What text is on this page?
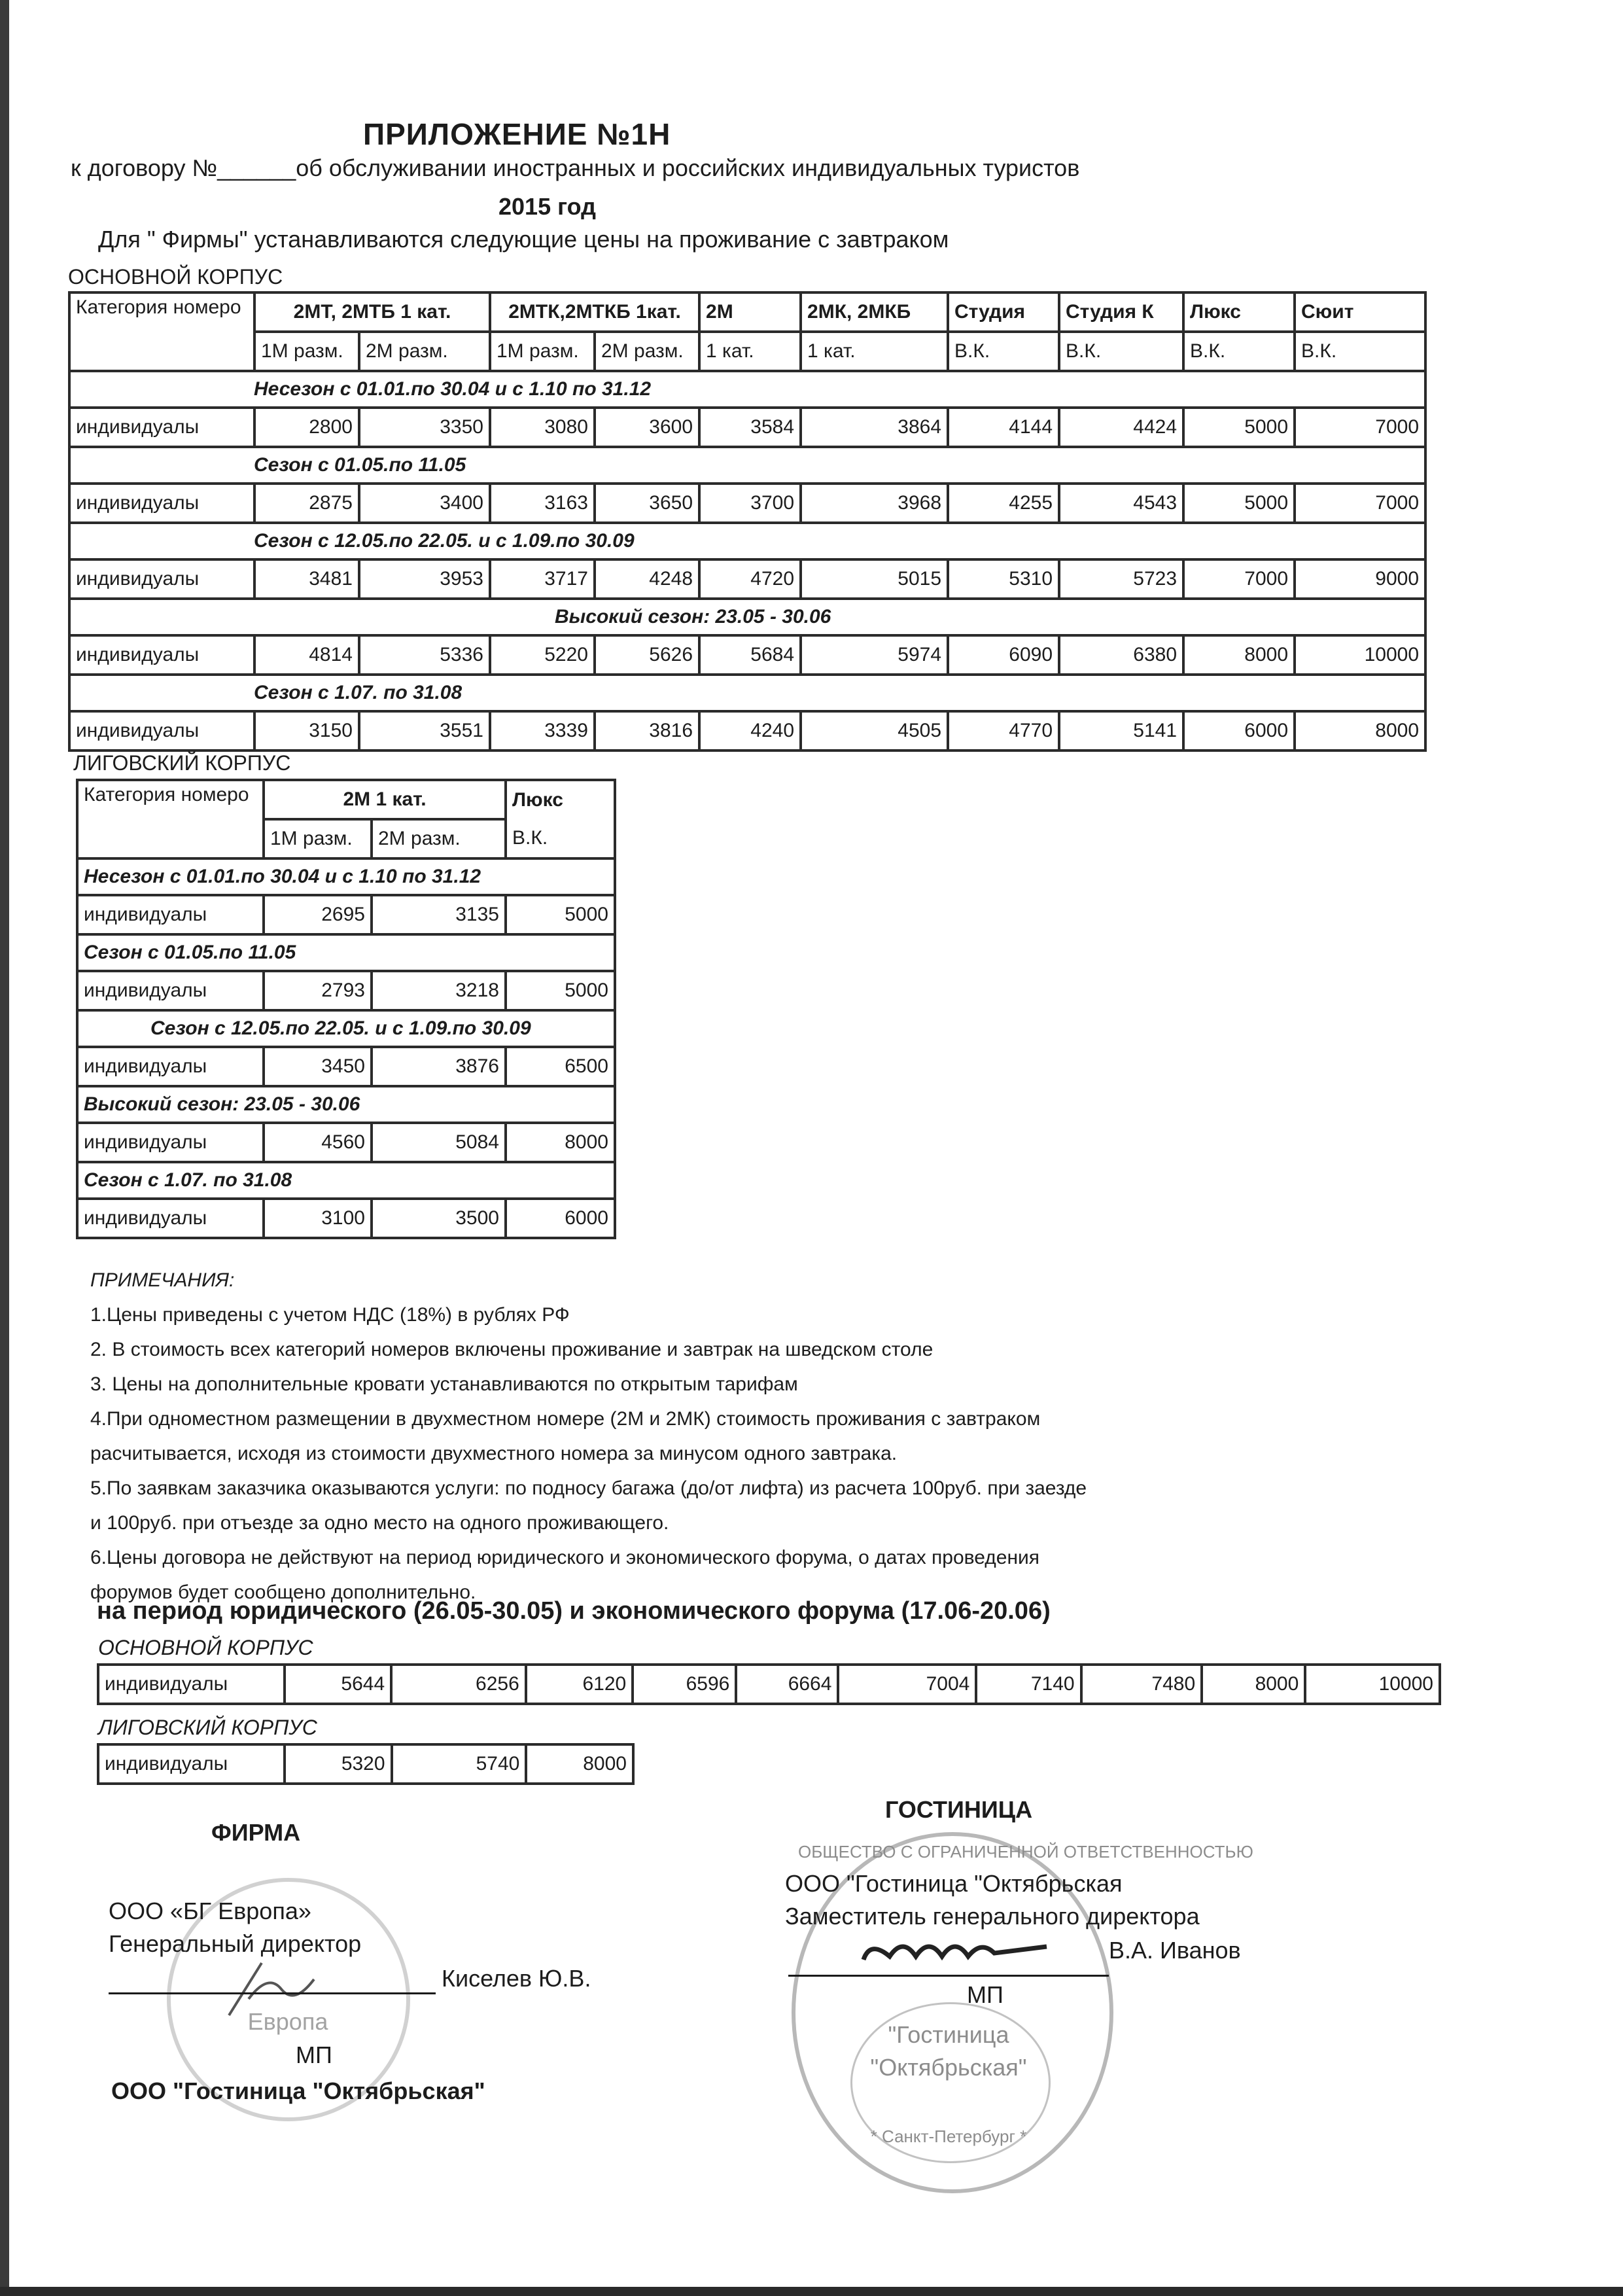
ПРИЛОЖЕНИЕ №1Н
к договору №______об обслуживании иностранных и российских индивидуальных туристов
2015 год
Для " Фирмы" устанавливаются следующие цены на проживание с завтраком
ОСНОВНОЙ КОРПУС
Категория номеро	2МТ, 2МТБ 1 кат.		2МТК,2МТКБ 1кат.		2М	2МК, 2МКБ	Студия	Студия К	Люкс	Сюит
	1М разм.	2М разм.	1М разм.	2М разм.	1 кат.	1 кат.	В.К.	В.К.	В.К.	В.К.
Несезон с 01.01.по 30.04 и с 1.10 по 31.12										
индивидуалы	2800	3350	3080	3600	3584	3864	4144	4424	5000	7000
Сезон с 01.05.по 11.05										
индивидуалы	2875	3400	3163	3650	3700	3968	4255	4543	5000	7000
Сезон с 12.05.по 22.05. и с 1.09.по 30.09										
индивидуалы	3481	3953	3717	4248	4720	5015	5310	5723	7000	9000
Высокий сезон: 23.05 - 30.06										
индивидуалы	4814	5336	5220	5626	5684	5974	6090	6380	8000	10000
Сезон с 1.07. по 31.08										
индивидуалы	3150	3551	3339	3816	4240	4505	4770	5141	6000	8000
ЛИГОВСКИЙ КОРПУС
Категория номеро	2М 1 кат.		Люкс
	1М разм.	2М разм.	В.К.
Несезон с 01.01.по 30.04 и с 1.10 по 31.12			
индивидуалы	2695	3135	5000
Сезон с 01.05.по 11.05			
индивидуалы	2793	3218	5000
Сезон с 12.05.по 22.05. и с 1.09.по 30.09			
индивидуалы	3450	3876	6500
Высокий сезон: 23.05 - 30.06			
индивидуалы	4560	5084	8000
Сезон с 1.07. по 31.08			
индивидуалы	3100	3500	6000
ПРИМЕЧАНИЯ:
1.Цены приведены с учетом НДС (18%) в рублях РФ
2. В стоимость всех категорий номеров включены проживание и завтрак на шведском столе
3. Цены на дополнительные кровати устанавливаются по открытым тарифам
4.При одноместном размещении в двухместном номере (2М и 2МК) стоимость проживания с завтраком
расчитывается, исходя из стоимости двухместного номера за минусом одного завтрака.
5.По заявкам заказчика оказываются услуги: по подносу багажа (до/от лифта) из расчета 100руб. при заезде
и 100руб. при отъезде за одно место на одного проживающего.
6.Цены договора не действуют на период юридического и экономического форума, о датах проведения
форумов будет сообщено дополнительно.
на период юридического (26.05-30.05) и экономического форума (17.06-20.06)
ОСНОВНОЙ КОРПУС
индивидуалы	5644	6256	6120	6596	6664	7004	7140	7480	8000	10000
ЛИГОВСКИЙ КОРПУС
индивидуалы	5320	5740	8000
ФИРМА
ООО «БГ Европа»
Генеральный директор
Киселев Ю.В.
Европа
МП
ООО "Гостиница "Октябрьская"
ГОСТИНИЦА
ОБЩЕСТВО С ОГРАНИЧЕННОЙ ОТВЕТСТВЕННОСТЬЮ
ООО "Гостиница "Октябрьская
Заместитель генерального директора
В.А. Иванов
МП
"Гостиница
"Октябрьская"
* Санкт-Петербург *
